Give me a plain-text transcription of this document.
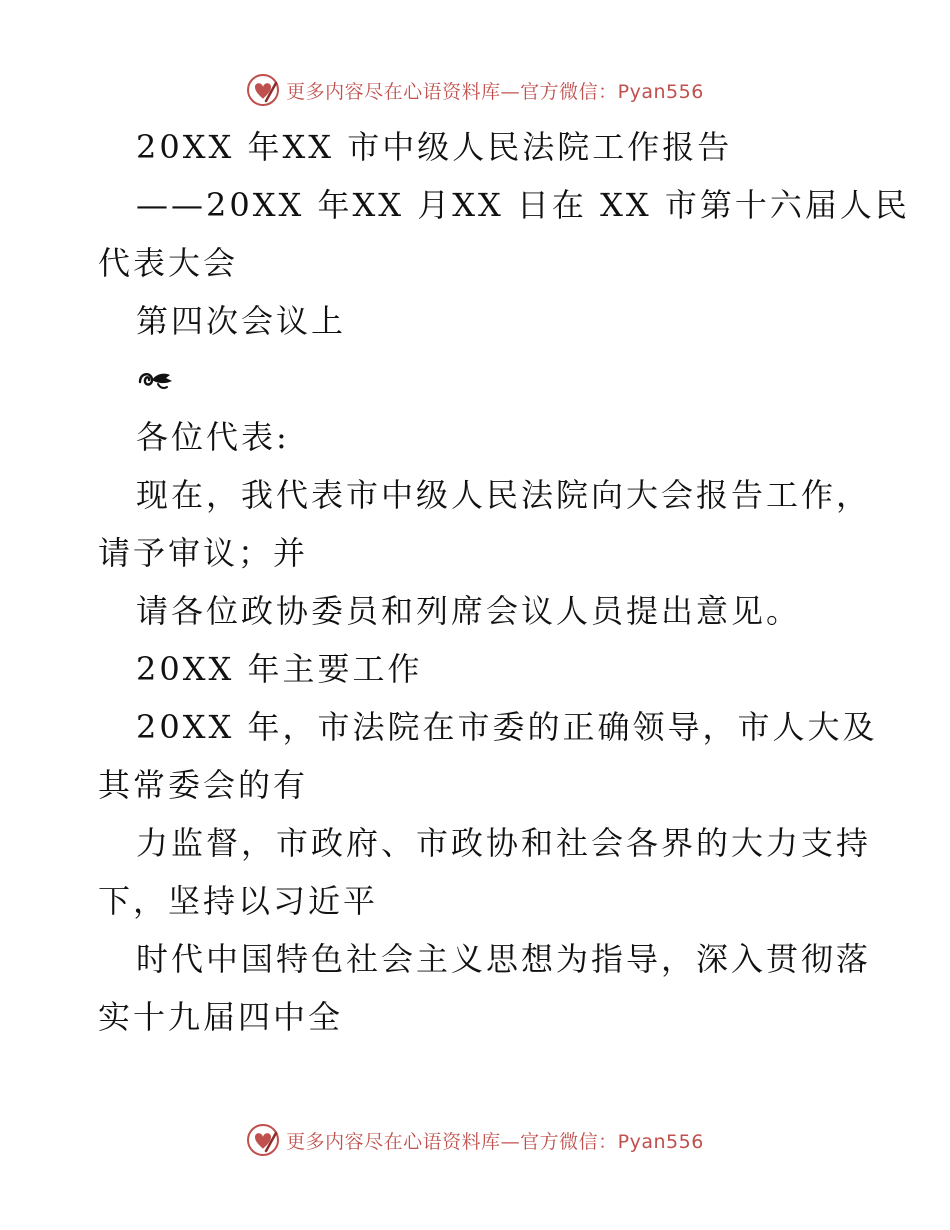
更多内容尽在心语资料库—官方微信：Pyan556
20XX 年XX 市中级人民法院工作报告
——20XX 年XX 月XX 日在 XX 市第十六届人民
代表大会
第四次会议上
各位代表:
现在，我代表市中级人民法院向大会报告工作，
请予审议；并
请各位政协委员和列席会议人员提出意见。
20XX 年主要工作
20XX 年，市法院在市委的正确领导，市人大及
其常委会的有
力监督，市政府、市政协和社会各界的大力支持
下，坚持以习近平
时代中国特色社会主义思想为指导，深入贯彻落
实十九届四中全
更多内容尽在心语资料库—官方微信：Pyan556
